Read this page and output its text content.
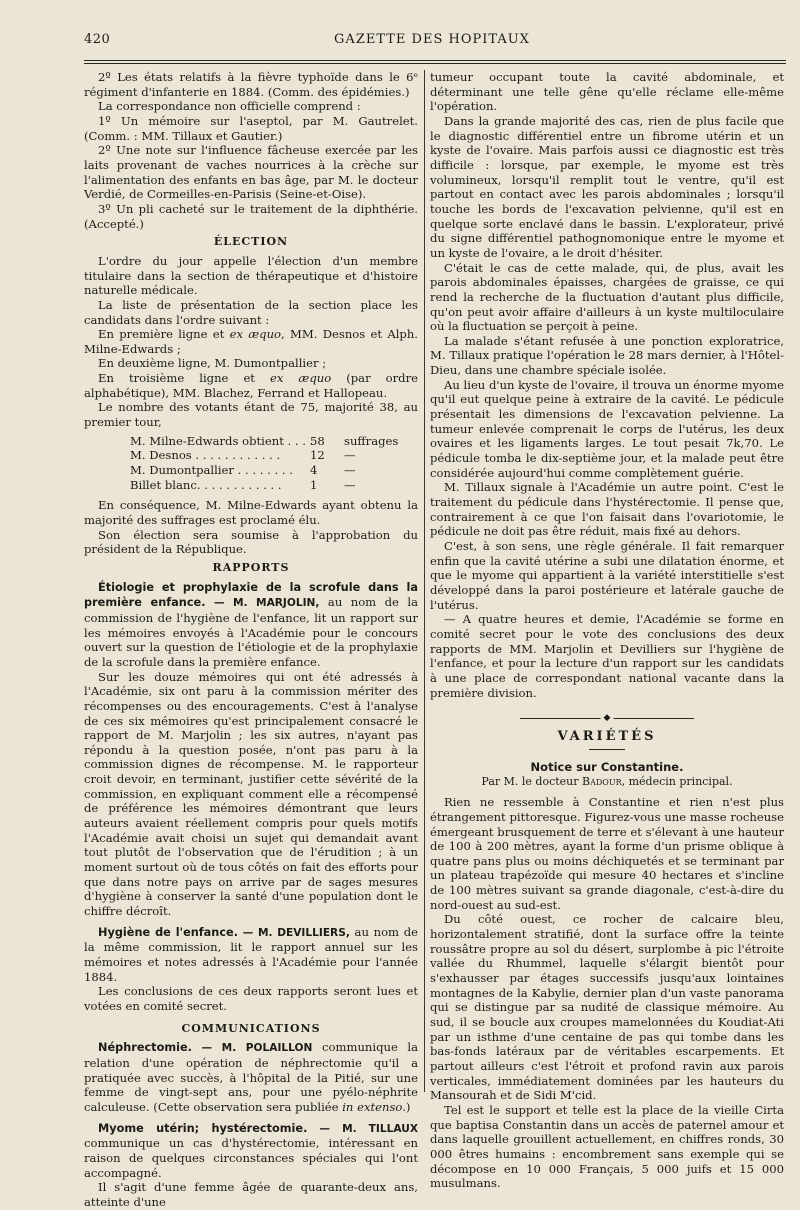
420	GAZETTE DES HOPITAUX

2º Les états relatifs à la fièvre typhoïde dans le 6ᵉ régiment d'infanterie en 1884. (Comm. des épidémies.)

La correspondance non officielle comprend :

1º Un mémoire sur l'aseptol, par M. Gautrelet. (Comm. : MM. Tillaux et Gautier.)

2º Une note sur l'influence fâcheuse exercée par les laits provenant de vaches nourrices à la crèche sur l'alimentation des enfants en bas âge, par M. le docteur Verdié, de Cormeilles-en-Parisis (Seine-et-Oise).

3º Un pli cacheté sur le traitement de la diphthérie. (Accepté.)

ÉLECTION

L'ordre du jour appelle l'élection d'un membre titulaire dans la section de thérapeutique et d'histoire naturelle médicale.

La liste de présentation de la section place les candidats dans l'ordre suivant :

En première ligne et ex æquo, MM. Desnos et Alph. Milne-Edwards ;

En deuxième ligne, M. Dumontpallier ;

En troisième ligne et ex æquo (par ordre alphabétique), MM. Blachez, Ferrand et Hallopeau.

Le nombre des votants étant de 75, majorité 38, au premier tour,

M. Milne-Edwards obtient . . . .
58 suffrages
M. Desnos . . . . . . . . . . . .	12 —
M. Dumontpallier . . . . . . . . 4 —
Billet blanc. . . . . . . . . . . . 1 —

En conséquence, M. Milne-Edwards ayant obtenu la majorité des suffrages est proclamé élu.

Son élection sera soumise à l'approbation du président de la République.

RAPPORTS

Étiologie et prophylaxie de la scrofule dans la première enfance. — M. MARJOLIN, au nom de la commission de l'hygiène de l'enfance, lit un rapport sur les mémoires envoyés à l'Académie pour le concours ouvert sur la question de l'étiologie et de la prophylaxie de la scrofule dans la première enfance.

Sur les douze mémoires qui ont été adressés à l'Académie, six ont paru à la commission mériter des récompenses ou des encouragements. C'est à l'analyse de ces six mémoires qu'est principalement consacré le rapport de M. Marjolin ; les six autres, n'ayant pas répondu à la question posée, n'ont pas paru à la commission dignes de récompense. M. le rapporteur croit devoir, en terminant, justifier cette sévérité de la commission, en expliquant comment elle a récompensé de préférence les mémoires démontrant que leurs auteurs avaient réellement compris pour quels motifs l'Académie avait choisi un sujet qui demandait avant tout plutôt de l'observation que de l'érudition ; à un moment surtout où de tous côtés on fait des efforts pour que dans notre pays on arrive par de sages mesures d'hygiène à conserver la santé d'une population dont le chiffre décroît.

Hygiène de l'enfance. — M. DEVILLIERS, au nom de la même commission, lit le rapport annuel sur les mémoires et notes adressés à l'Académie pour l'année 1884.

Les conclusions de ces deux rapports seront lues et votées en comité secret.

COMMUNICATIONS

Néphrectomie. — M. POLAILLON communique la relation d'une opération de néphrectomie qu'il a pratiquée avec succès, à l'hôpital de la Pitié, sur une femme de vingt-sept ans, pour une pyélo-néphrite calculeuse. (Cette observation sera publiée in extenso.)

Myome utérin; hystérectomie. — M. TILLAUX communique un cas d'hystérectomie, intéressant en raison de quelques circonstances spéciales qui l'ont accompagné.

Il s'agit d'une femme âgée de quarante-deux ans, atteinte d'une

tumeur occupant toute la cavité abdominale, et déterminant une telle gêne qu'elle réclame elle-même l'opération.

Dans la grande majorité des cas, rien de plus facile que le diagnostic différentiel entre un fibrome utérin et un kyste de l'ovaire. Mais parfois aussi ce diagnostic est très difficile : lorsque, par exemple, le myome est très volumineux, lorsqu'il remplit tout le ventre, qu'il est partout en contact avec les parois abdominales ; lorsqu'il touche les bords de l'excavation pelvienne, qu'il est en quelque sorte enclavé dans le bassin. L'explorateur, privé du signe différentiel pathognomonique entre le myome et un kyste de l'ovaire, a le droit d'hésiter.

C'était le cas de cette malade, qui, de plus, avait les parois abdominales épaisses, chargées de graisse, ce qui rend la recherche de la fluctuation d'autant plus difficile, qu'on peut avoir affaire d'ailleurs à un kyste multiloculaire où la fluctuation se perçoit à peine.

La malade s'étant refusée à une ponction exploratrice, M. Tillaux pratique l'opération le 28 mars dernier, à l'Hôtel-Dieu, dans une chambre spéciale isolée.

Au lieu d'un kyste de l'ovaire, il trouva un énorme myome qu'il eut quelque peine à extraire de la cavité. Le pédicule présentait les dimensions de l'excavation pelvienne. La tumeur enlevée comprenait le corps de l'utérus, les deux ovaires et les ligaments larges. Le tout pesait 7k,70. Le pédicule tomba le dix-septième jour, et la malade peut être considérée aujourd'hui comme complètement guérie.

M. Tillaux signale à l'Académie un autre point. C'est le traitement du pédicule dans l'hystérectomie. Il pense que, contrairement à ce que l'on faisait dans l'ovariotomie, le pédicule ne doit pas être réduit, mais fixé au dehors.

C'est, à son sens, une règle générale. Il fait remarquer enfin que la cavité utérine a subi une dilatation énorme, et que le myome qui appartient à la variété interstitielle s'est développé dans la paroi postérieure et latérale gauche de l'utérus.

— A quatre heures et demie, l'Académie se forme en comité secret pour le vote des conclusions des deux rapports de MM. Marjolin et Devilliers sur l'hygiène de l'enfance, et pour la lecture d'un rapport sur les candidats à une place de correspondant national vacante dans la première division.

◆
VARIÉTÉS
Notice sur Constantine.
Par M. le docteur Badour, médecin principal.

Rien ne ressemble à Constantine et rien n'est plus étrangement pittoresque. Figurez-vous une masse rocheuse émergeant brusquement de terre et s'élevant à une hauteur de 100 à 200 mètres, ayant la forme d'un prisme oblique à quatre pans plus ou moins déchiquetés et se terminant par un plateau trapézoïde qui mesure 40 hectares et s'incline de 100 mètres suivant sa grande diagonale, c'est-à-dire du nord-ouest au sud-est.

Du côté ouest, ce rocher de calcaire bleu, horizontalement stratifié, dont la surface offre la teinte roussâtre propre au sol du désert, surplombe à pic l'étroite vallée du Rhummel, laquelle s'élargit bientôt pour s'exhausser par étages successifs jusqu'aux lointaines montagnes de la Kabylie, dernier plan d'un vaste panorama qui se distingue par sa nudité de classique mémoire. Au sud, il se boucle aux croupes mamelonnées du Koudiat-Ati par un isthme d'une centaine de pas qui tombe dans les bas-fonds latéraux par de véritables escarpements. Et partout ailleurs c'est l'étroit et profond ravin aux parois verticales, immédiatement dominées par les hauteurs du Mansourah et de Sidi M'cid.

Tel est le support et telle est la place de la vieille Cirta que baptisa Constantin dans un accès de paternel amour et dans laquelle grouillent actuellement, en chiffres ronds, 30 000 êtres humains : encombrement sans exemple qui se décompose en 10 000 Français, 5 000 juifs et 15 000 musulmans.
